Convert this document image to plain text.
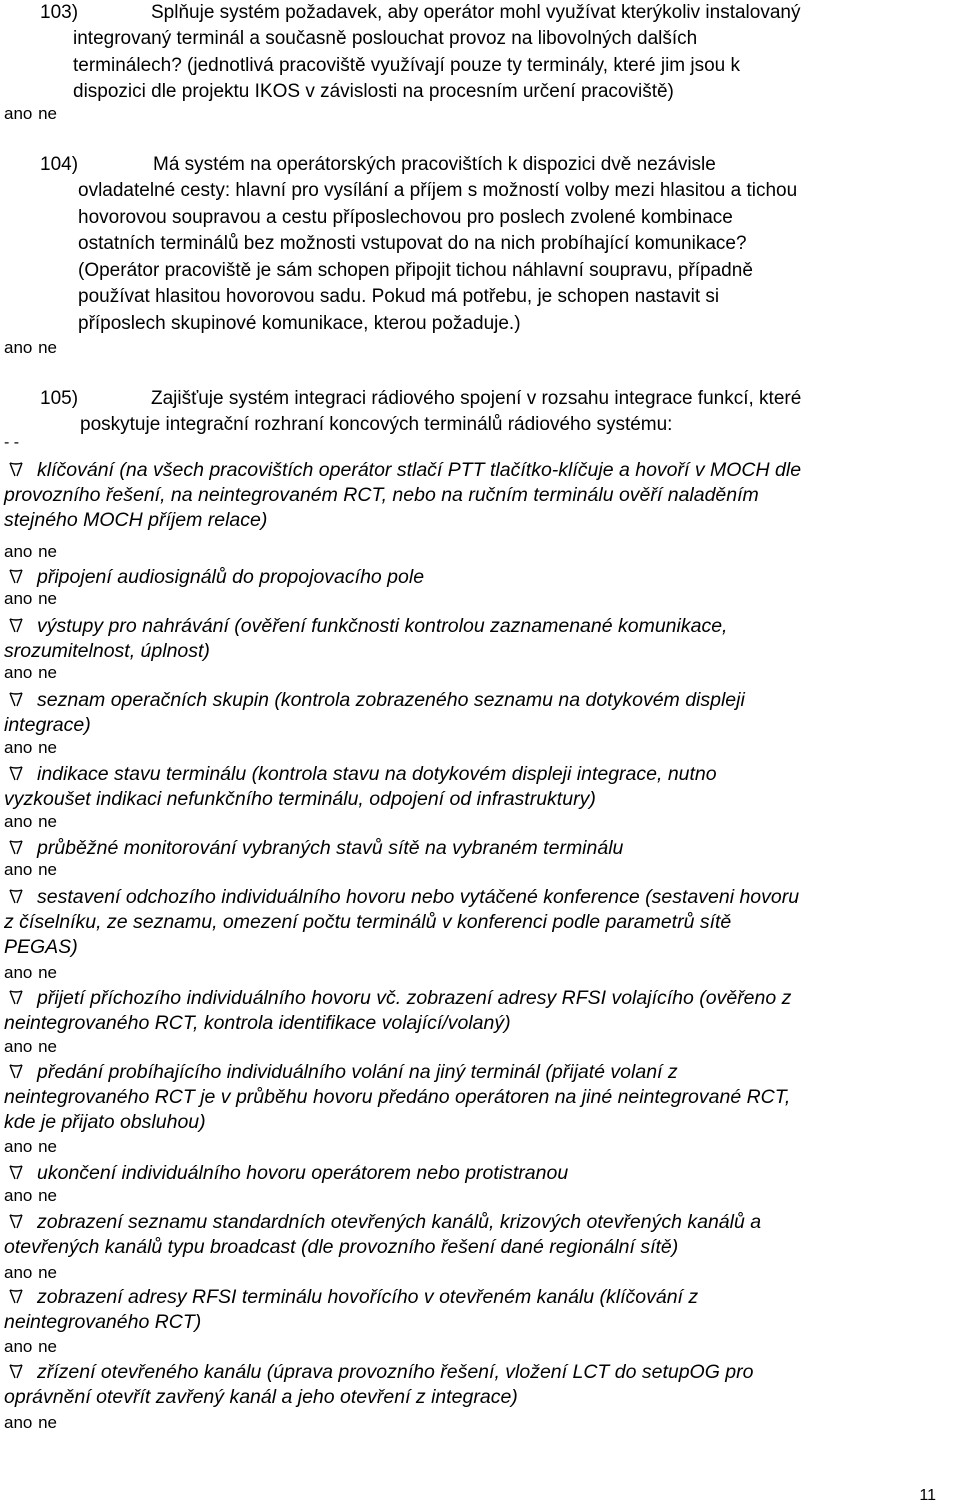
103)	Splňuje systém požadavek, aby operátor mohl využívat kterýkoliv instalovaný
integrovaný terminál a současně poslouchat provoz na libovolných dalších
terminálech? (jednotlivá pracoviště využívají pouze ty terminály, které jim jsou k
dispozici dle projektu IKOS v závislosti na procesním určení pracoviště)
ano ne
104)	Má systém na operátorských pracovištích k dispozici dvě nezávisle
ovladatelné cesty: hlavní pro vysílání a příjem s možností volby mezi hlasitou a tichou
hovorovou soupravou a cestu příposlechovou pro poslech zvolené kombinace
ostatních terminálů bez možnosti vstupovat do na nich probíhající komunikace?
(Operátor pracoviště je sám schopen připojit tichou náhlavní soupravu, případně
používat hlasitou hovorovou sadu. Pokud má potřebu, je schopen nastavit si
příposlech skupinové komunikace, kterou požaduje.)
ano ne
105)	Zajišťuje systém integraci rádiového spojení v rozsahu integrace funkcí, které
poskytuje integrační rozhraní koncových terminálů rádiového systému:
- -
klíčování (na všech pracovištích operátor stlačí PTT tlačítko-klíčuje a hovoří v MOCH dle
provozního řešení, na neintegrovaném RCT, nebo na ručním terminálu ověří naladěním
stejného MOCH příjem relace)
ano ne
připojení audiosignálů do propojovacího pole
ano ne
výstupy pro nahrávání (ověření funkčnosti kontrolou zaznamenané komunikace,
srozumitelnost, úplnost)
ano ne
seznam operačních skupin (kontrola zobrazeného seznamu na dotykovém displeji
integrace)
ano ne
indikace stavu terminálu (kontrola stavu na dotykovém displeji integrace, nutno
vyzkoušet indikaci nefunkčního terminálu, odpojení od infrastruktury)
ano ne
průběžné monitorování vybraných stavů sítě na vybraném terminálu
ano ne
sestavení odchozího individuálního hovoru nebo vytáčené konference (sestaveni hovoru
z číselníku, ze seznamu, omezení počtu terminálů v konferenci podle parametrů sítě
PEGAS)
ano ne
přijetí příchozího individuálního hovoru vč. zobrazení adresy RFSI volajícího (ověřeno z
neintegrovaného RCT, kontrola identifikace volající/volaný)
ano ne
předání probíhajícího individuálního volání na jiný terminál (přijaté volaní z
neintegrovaného RCT je v průběhu hovoru předáno operátoren na jiné neintegrované RCT,
kde je přijato obsluhou)
ano ne
ukončení individuálního hovoru operátorem nebo protistranou
ano ne
zobrazení seznamu standardních otevřených kanálů, krizových otevřených kanálů a
otevřených kanálů typu broadcast (dle provozního řešení dané regionální sítě)
ano ne
zobrazení adresy RFSI terminálu hovořícího v otevřeném kanálu (klíčování z
neintegrovaného RCT)
ano ne
zřízení otevřeného kanálu (úprava provozního řešení, vložení LCT do setupOG pro
oprávnění otevřít zavřený kanál a jeho otevření z integrace)
ano ne
11
